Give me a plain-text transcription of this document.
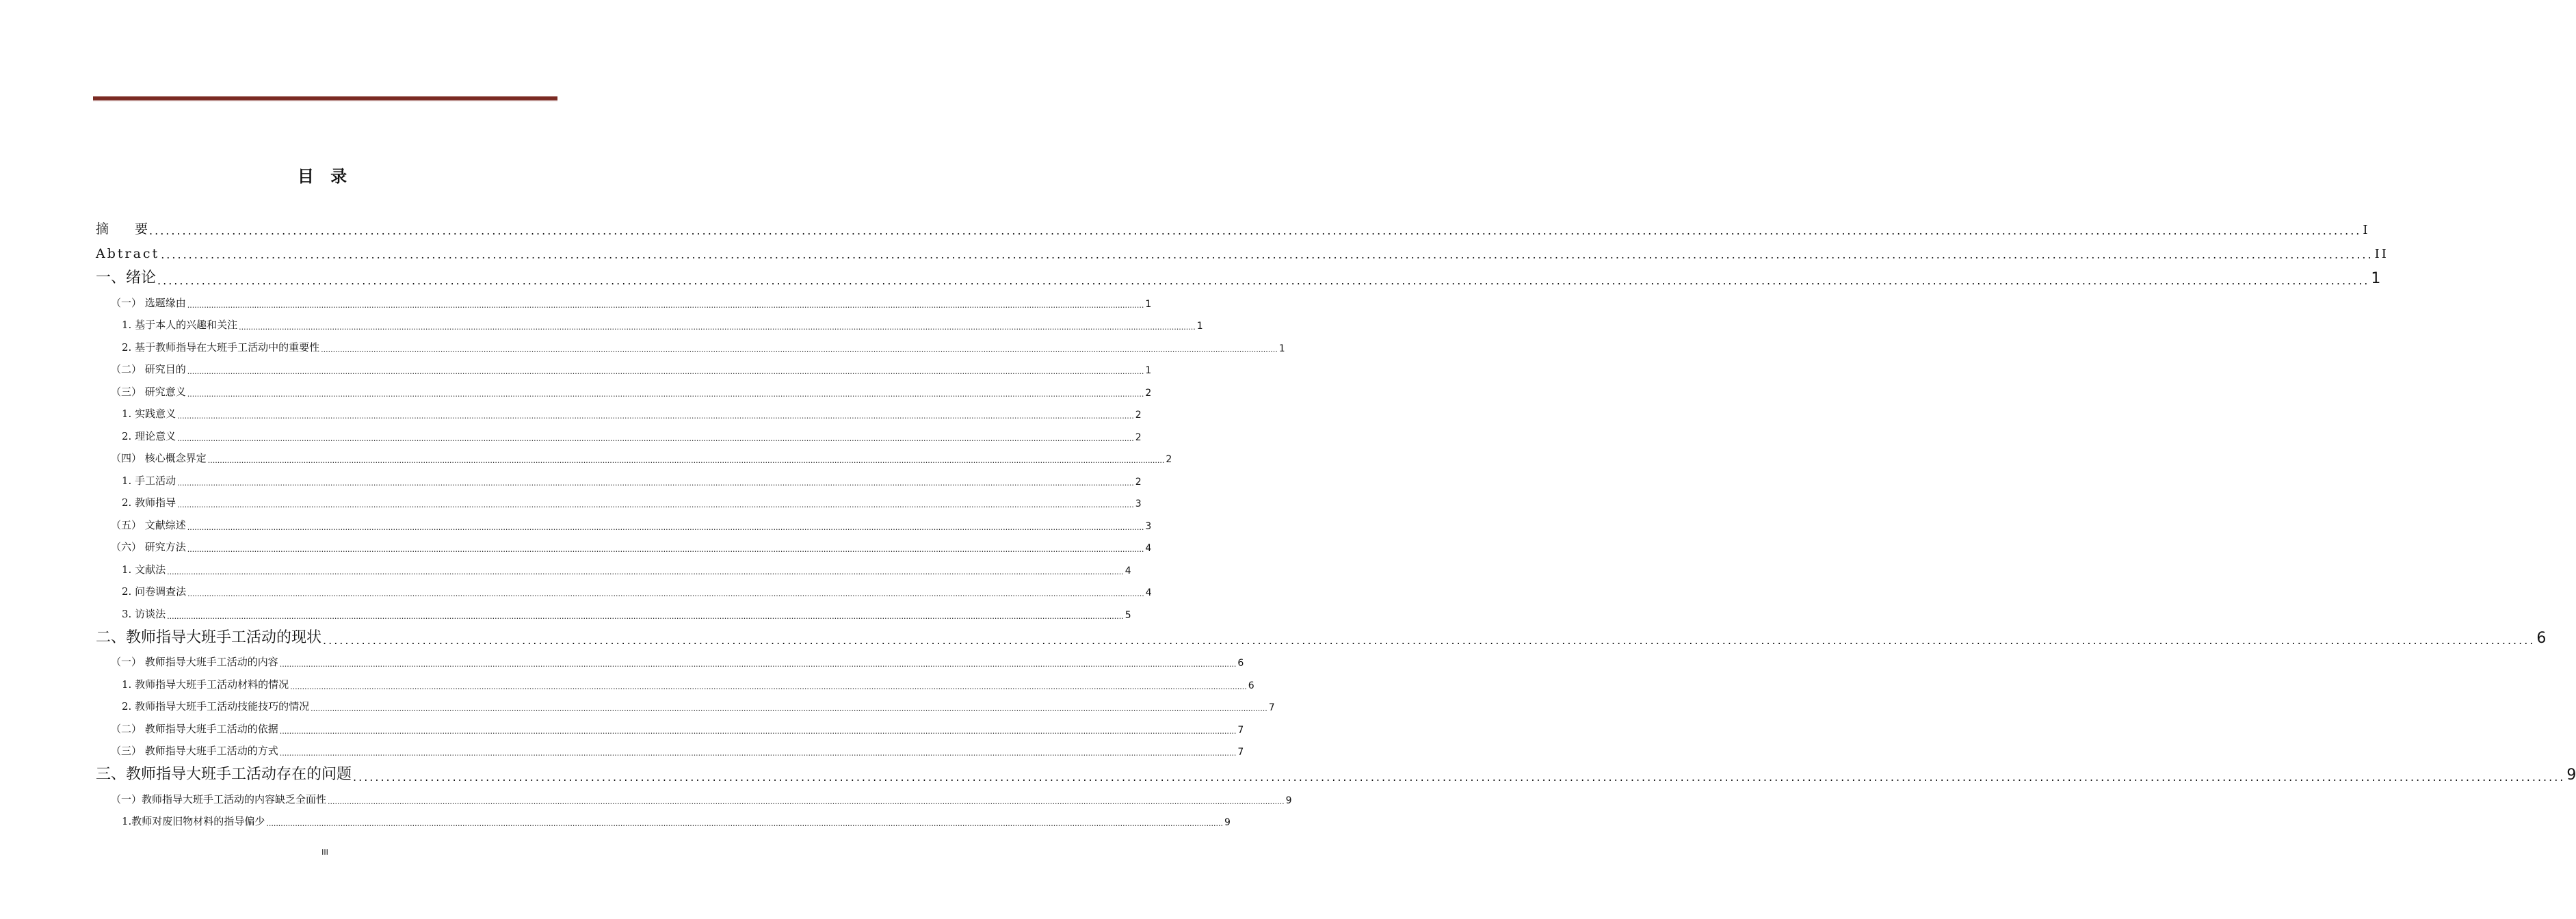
目 录
摘　　要 ................................................................................................................................................................................................................................................................................................................................................................................................................ I
Abtract ................................................................................................................................................................................................................................................................................................................................................................................................................ II
一、绪论 ................................................................................................................................................................................................................................................................................................................................................................................................................ 1
（一） 选题缘由 ................................................................................................................................................................................................................................................................................................................................................................................................................ 1
1. 基于本人的兴趣和关注 ................................................................................................................................................................................................................................................................................................................................................................................................................ 1
2. 基于教师指导在大班手工活动中的重要性 ................................................................................................................................................................................................................................................................................................................................................................................................................ 1
（二） 研究目的 ................................................................................................................................................................................................................................................................................................................................................................................................................ 1
（三） 研究意义 ................................................................................................................................................................................................................................................................................................................................................................................................................ 2
1. 实践意义 ................................................................................................................................................................................................................................................................................................................................................................................................................ 2
2. 理论意义 ................................................................................................................................................................................................................................................................................................................................................................................................................ 2
（四） 核心概念界定 ................................................................................................................................................................................................................................................................................................................................................................................................................ 2
1. 手工活动 ................................................................................................................................................................................................................................................................................................................................................................................................................ 2
2. 教师指导 ................................................................................................................................................................................................................................................................................................................................................................................................................ 3
（五） 文献综述 ................................................................................................................................................................................................................................................................................................................................................................................................................ 3
（六） 研究方法 ................................................................................................................................................................................................................................................................................................................................................................................................................ 4
1. 文献法 ................................................................................................................................................................................................................................................................................................................................................................................................................ 4
2. 问卷调查法 ................................................................................................................................................................................................................................................................................................................................................................................................................ 4
3. 访谈法 ................................................................................................................................................................................................................................................................................................................................................................................................................ 5
二、教师指导大班手工活动的现状 ................................................................................................................................................................................................................................................................................................................................................................................................................ 6
（一） 教师指导大班手工活动的内容 ................................................................................................................................................................................................................................................................................................................................................................................................................ 6
1. 教师指导大班手工活动材料的情况 ................................................................................................................................................................................................................................................................................................................................................................................................................ 6
2. 教师指导大班手工活动技能技巧的情况 ................................................................................................................................................................................................................................................................................................................................................................................................................ 7
（二） 教师指导大班手工活动的依据 ................................................................................................................................................................................................................................................................................................................................................................................................................ 7
（三） 教师指导大班手工活动的方式 ................................................................................................................................................................................................................................................................................................................................................................................................................ 7
三、教师指导大班手工活动存在的问题 ................................................................................................................................................................................................................................................................................................................................................................................................................ 9
（一）教师指导大班手工活动的内容缺乏全面性 ................................................................................................................................................................................................................................................................................................................................................................................................................ 9
1.教师对废旧物材料的指导偏少 ................................................................................................................................................................................................................................................................................................................................................................................................................ 9
III
